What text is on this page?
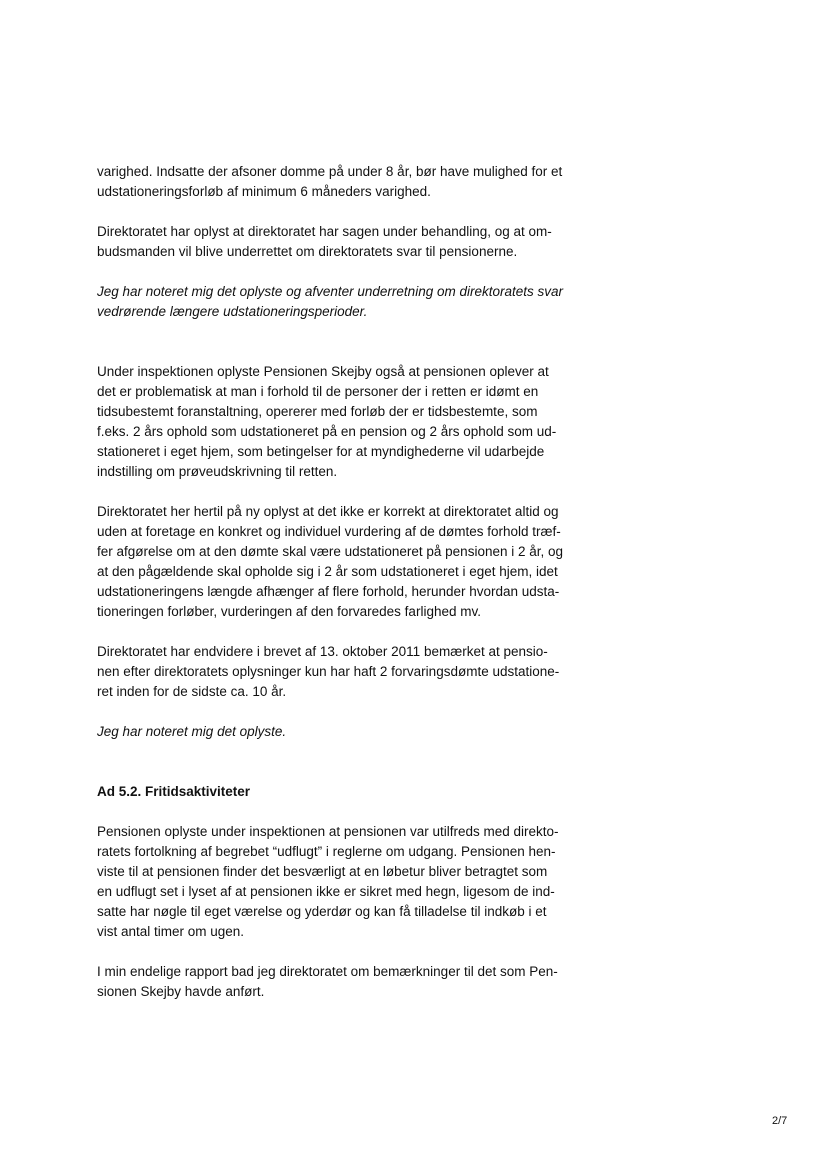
varighed. Indsatte der afsoner domme på under 8 år, bør have mulighed for et
udstationeringsforløb af minimum 6 måneders varighed.

Direktoratet har oplyst at direktoratet har sagen under behandling, og at om-
budsmanden vil blive underrettet om direktoratets svar til pensionerne.

Jeg har noteret mig det oplyste og afventer underretning om direktoratets svar
vedrørende længere udstationeringsperioder.

Under inspektionen oplyste Pensionen Skejby også at pensionen oplever at
det er problematisk at man i forhold til de personer der i retten er idømt en
tidsubestemt foranstaltning, opererer med forløb der er tidsbestemte, som
f.eks. 2 års ophold som udstationeret på en pension og 2 års ophold som ud-
stationeret i eget hjem, som betingelser for at myndighederne vil udarbejde
indstilling om prøveudskrivning til retten.

Direktoratet her hertil på ny oplyst at det ikke er korrekt at direktoratet altid og
uden at foretage en konkret og individuel vurdering af de dømtes forhold træf-
fer afgørelse om at den dømte skal være udstationeret på pensionen i 2 år, og
at den pågældende skal opholde sig i 2 år som udstationeret i eget hjem, idet
udstationeringens længde afhænger af flere forhold, herunder hvordan udsta-
tioneringen forløber, vurderingen af den forvaredes farlighed mv.

Direktoratet har endvidere i brevet af 13. oktober 2011 bemærket at pensio-
nen efter direktoratets oplysninger kun har haft 2 forvaringsdømte udstatione-
ret inden for de sidste ca. 10 år.

Jeg har noteret mig det oplyste.

Ad 5.2. Fritidsaktiviteter

Pensionen oplyste under inspektionen at pensionen var utilfreds med direkto-
ratets fortolkning af begrebet “udflugt” i reglerne om udgang. Pensionen hen-
viste til at pensionen finder det besværligt at en løbetur bliver betragtet som
en udflugt set i lyset af at pensionen ikke er sikret med hegn, ligesom de ind-
satte har nøgle til eget værelse og yderdør og kan få tilladelse til indkøb i et
vist antal timer om ugen.

I min endelige rapport bad jeg direktoratet om bemærkninger til det som Pen-
sionen Skejby havde anført.

2/7
